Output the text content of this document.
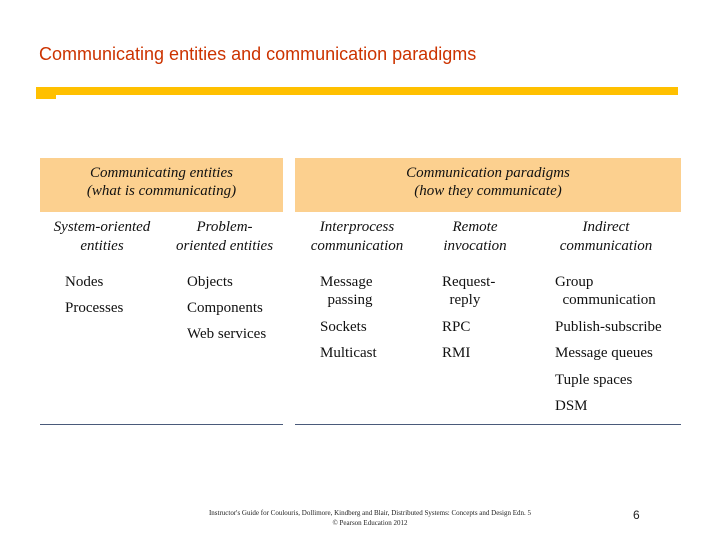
Communicating entities and communication paradigms
Communicating entities
(what is communicating)
Communication paradigms
(how they communicate)
System-oriented
entities
Problem-
oriented entities
Interprocess
communication
Remote
invocation
Indirect
communication
Nodes
Processes
Objects
Components
Web services
Message
passing
Sockets
Multicast
Request-
reply
RPC
RMI
Group
communication
Publish-subscribe
Message queues
Tuple spaces
DSM
Instructor's Guide for Coulouris, Dollimore, Kindberg and Blair, Distributed Systems: Concepts and Design Edn. 5
© Pearson Education 2012
6
